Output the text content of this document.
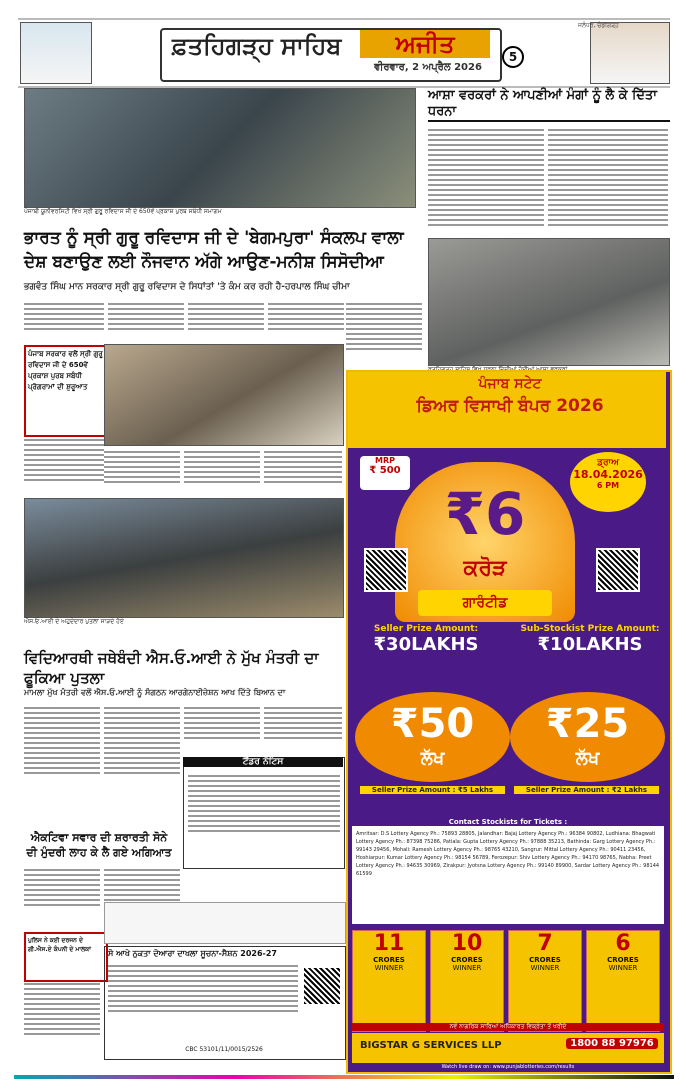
ਫ਼ਤਹਿਗੜ੍ਹ ਸਾਹਿਬ	ਅਜੀਤ
ਵੀਰਵਾਰ, 2 ਅਪ੍ਰੈਲ 2026
5
ਜਲੰਧਰ, ਚੰਡੀਗੜ੍ਹ
ਪੰਜਾਬੀ ਯੂਨੀਵਰਸਿਟੀ ਵਿਖੇ ਸ੍ਰੀ ਗੁਰੂ ਰਵਿਦਾਸ ਜੀ ਦੇ 650ਵੇਂ ਪ੍ਰਕਾਸ਼ ਪੁਰਬ ਸਬੰਧੀ ਸਮਾਗਮ
ਭਾਰਤ ਨੂੰ ਸ੍ਰੀ ਗੁਰੂ ਰਵਿਦਾਸ ਜੀ ਦੇ 'ਬੇਗਮਪੁਰਾ' ਸੰਕਲਪ ਵਾਲਾ
ਦੇਸ਼ ਬਣਾਉਣ ਲਈ ਨੌਜਵਾਨ ਅੱਗੇ ਆਉਣ-ਮਨੀਸ਼ ਸਿਸੋਦੀਆ
ਭਗਵੰਤ ਸਿੰਘ ਮਾਨ ਸਰਕਾਰ ਸ੍ਰੀ ਗੁਰੂ ਰਵਿਦਾਸ ਦੇ ਸਿਧਾਂਤਾਂ 'ਤੇ ਕੰਮ ਕਰ ਰਹੀ ਹੈ-ਹਰਪਾਲ ਸਿੰਘ ਚੀਮਾ
ਆਸ਼ਾ ਵਰਕਰਾਂ ਨੇ ਆਪਣੀਆਂ ਮੰਗਾਂ ਨੂੰ ਲੈ ਕੇ ਦਿੱਤਾ ਧਰਨਾ
ਪੰਜਾਬ ਸਰਕਾਰ ਵਲੋਂ ਸ੍ਰੀ ਗੁਰੂ ਰਵਿਦਾਸ ਜੀ ਦੇ 650ਵੇਂ ਪ੍ਰਕਾਸ਼ ਪੁਰਬ ਸਬੰਧੀ ਪ੍ਰੋਗਰਾਮਾਂ ਦੀ ਸ਼ੁਰੂਆਤ
ਐਸ.ਓ.ਆਈ ਦੇ ਅਹੁਦੇਦਾਰ ਪੁਤਲਾ ਸਾੜਦੇ ਹੋਏ
ਵਿਦਿਆਰਥੀ ਜਥੇਬੰਦੀ ਐਸ.ਓ.ਆਈ ਨੇ ਮੁੱਖ ਮੰਤਰੀ ਦਾ ਫੂਕਿਆ ਪੁਤਲਾ
ਮਾਮਲਾ ਮੁੱਖ ਮੰਤਰੀ ਵਲੋਂ ਐਸ.ਓ.ਆਈ ਨੂੰ ਸੰਗਠਨ ਆਰਗੇਨਾਈਜ਼ੇਸ਼ਨ ਆਖ ਦਿੱਤੇ ਬਿਆਨ ਦਾ
ਟੈਂਡਰ ਨੋਟਿਸ
ਐਕਟਿਵਾ ਸਵਾਰ ਦੀ ਸ਼ਰਾਰਤੀ ਸੋਨੇ ਦੀ ਮੁੰਦਰੀ ਲਾਹ ਕੇ ਲੈ ਗਏ ਅਗਿਆਤ
ਪੁਲਿਸ ਨੇ ਕਈ ਦਰਜਨ ਦੇ ਗੀ.ਐਸ.ਏ ਕੰਪਨੀ ਦੇ ਮਾਲਕਾਂ	ਸੋ ਆਖੇ ਨੁਕਤਾ ਦੋਆਰਾ ਦਾਖਲਾ ਸੂਚਨਾ-ਸੈਸ਼ਨ 2026-27
CBC 53101/11/0015/2526
ਪੰਜਾਬ ਸਟੇਟ
ਡਿਅਰ ਵਿਸਾਖੀ ਬੰਪਰ 2026
MRP
₹ 500
ਡ੍ਰਾਅ
18.04.2026
6 PM
₹6
ਕਰੋੜ
ਗਾਰੰਟੀਡ
Seller Prize Amount:
₹30LAKHS
Sub-Stockist Prize Amount:
₹10LAKHS
₹50
ਲੱਖ
₹25
ਲੱਖ
Seller Prize Amount : ₹5 Lakhs	Seller Prize Amount : ₹2 Lakhs
Contact Stockists for Tickets :
Amritsar: D.S Lottery Agency Ph.: 75893 28805, Jalandhar: Bajaj Lottery Agency Ph.: 96384 90802, Ludhiana: Bhagwati Lottery Agency Ph.: 87398 75286, Patiala: Gupta Lottery Agency Ph.: 97888 35213, Bathinda: Garg Lottery Agency Ph.: 99143 29456, Mohali: Ramesh Lottery Agency Ph.: 98765 43210, Sangrur: Mittal Lottery Agency Ph.: 90411 23456, Hoshiarpur: Kumar Lottery Agency Ph.: 98154 56789, Ferozepur: Shiv Lottery Agency Ph.: 94170 98765, Nabha: Preet Lottery Agency Ph.: 94635 30969, Zirakpur: Jyotsna Lottery Agency Ph.: 99140 89900, Sardar Lottery Agency Ph.: 98144 61599
11
CRORES
WINNER
10
CRORES
WINNER
7
CRORES
WINNER
6
CRORES
WINNER
ਨਵੇਂ ਨਾਗਰਿਕ ਸਾਰਿਆਂ ਅਧਿਕਾਰਤ ਵਿਕ੍ਰੇਤਾ ਤੋਂ ਖਰੀਦੋ
BIGSTAR G SERVICES LLP	1800 88 97976
Watch live draw on: www.punjablotteries.com/results
